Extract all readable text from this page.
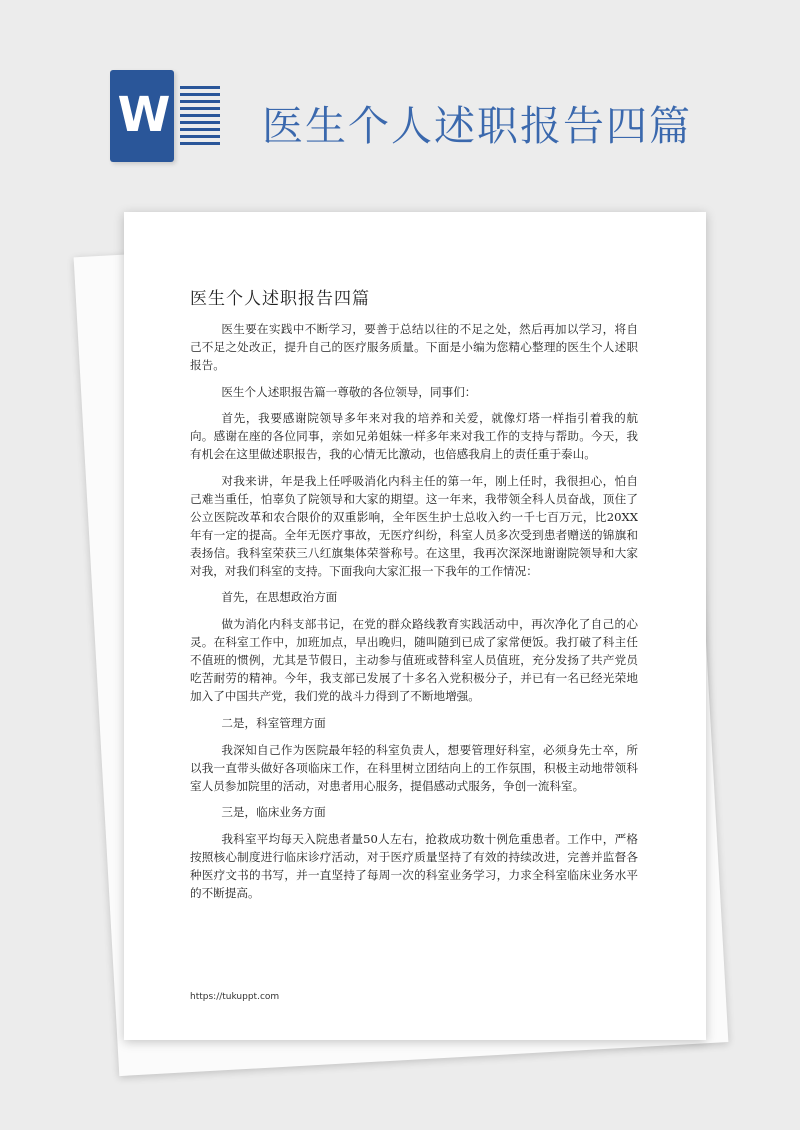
W 医生个人述职报告四篇
医生个人述职报告四篇

医生要在实践中不断学习，要善于总结以往的不足之处，然后再加以学习，将自己不足之处改正，提升自己的医疗服务质量。下面是小编为您精心整理的医生个人述职报告。

医生个人述职报告篇一尊敬的各位领导，同事们：

首先，我要感谢院领导多年来对我的培养和关爱，就像灯塔一样指引着我的航向。感谢在座的各位同事，亲如兄弟姐妹一样多年来对我工作的支持与帮助。今天，我有机会在这里做述职报告，我的心情无比激动，也倍感我肩上的责任重于泰山。

对我来讲，年是我上任呼吸消化内科主任的第一年，刚上任时，我很担心，怕自己难当重任，怕辜负了院领导和大家的期望。这一年来，我带领全科人员奋战，顶住了公立医院改革和农合限价的双重影响，全年医生护士总收入约一千七百万元，比20XX年有一定的提高。全年无医疗事故，无医疗纠纷，科室人员多次受到患者赠送的锦旗和表扬信。我科室荣获三八红旗集体荣誉称号。在这里，我再次深深地谢谢院领导和大家对我，对我们科室的支持。下面我向大家汇报一下我年的工作情况：

首先，在思想政治方面

做为消化内科支部书记，在党的群众路线教育实践活动中，再次净化了自己的心灵。在科室工作中，加班加点，早出晚归，随叫随到已成了家常便饭。我打破了科主任不值班的惯例，尤其是节假日，主动参与值班或替科室人员值班，充分发扬了共产党员吃苦耐劳的精神。今年，我支部已发展了十多名入党积极分子，并已有一名已经光荣地加入了中国共产党，我们党的战斗力得到了不断地增强。

二是，科室管理方面

我深知自己作为医院最年轻的科室负责人，想要管理好科室，必须身先士卒，所以我一直带头做好各项临床工作，在科里树立团结向上的工作氛围，积极主动地带领科室人员参加院里的活动，对患者用心服务，提倡感动式服务，争创一流科室。

三是，临床业务方面

我科室平均每天入院患者量50人左右，抢救成功数十例危重患者。工作中，严格按照核心制度进行临床诊疗活动，对于医疗质量坚持了有效的持续改进，完善并监督各种医疗文书的书写，并一直坚持了每周一次的科室业务学习，力求全科室临床业务水平的不断提高。

https://tukuppt.com
